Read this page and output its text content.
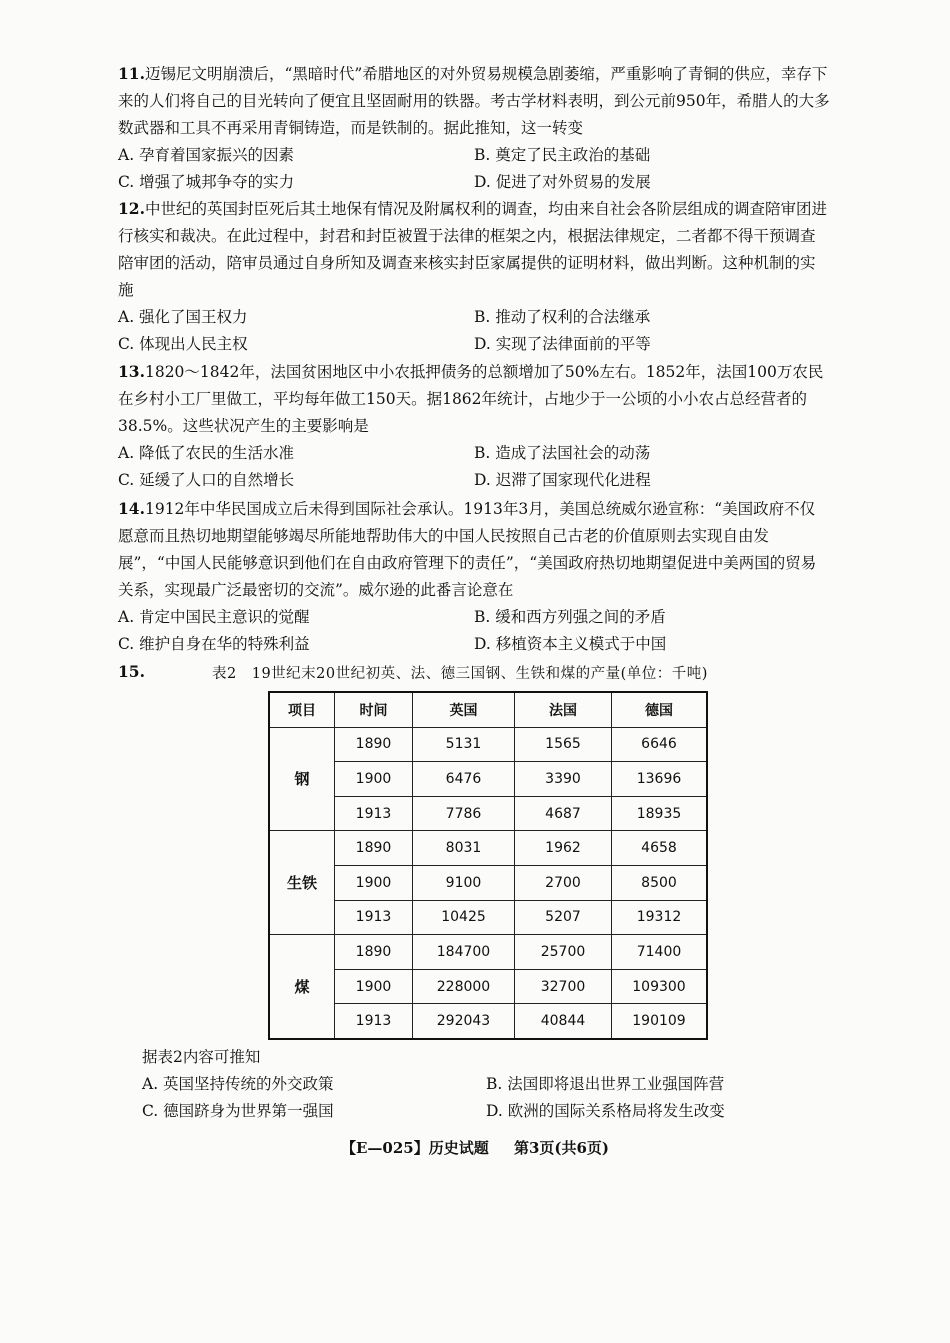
11.迈锡尼文明崩溃后，“黑暗时代”希腊地区的对外贸易规模急剧萎缩，严重影响了青铜的供应，幸存下来的人们将自己的目光转向了便宜且坚固耐用的铁器。考古学材料表明，到公元前950年，希腊人的大多数武器和工具不再采用青铜铸造，而是铁制的。据此推知，这一转变
A. 孕育着国家振兴的因素	B. 奠定了民主政治的基础
C. 增强了城邦争夺的实力	D. 促进了对外贸易的发展
12.中世纪的英国封臣死后其土地保有情况及附属权利的调查，均由来自社会各阶层组成的调查陪审团进行核实和裁决。在此过程中，封君和封臣被置于法律的框架之内，根据法律规定，二者都不得干预调查陪审团的活动，陪审员通过自身所知及调查来核实封臣家属提供的证明材料，做出判断。这种机制的实施
A. 强化了国王权力	B. 推动了权利的合法继承
C. 体现出人民主权	D. 实现了法律面前的平等
13.1820～1842年，法国贫困地区中小农抵押债务的总额增加了50%左右。1852年，法国100万农民在乡村小工厂里做工，平均每年做工150天。据1862年统计，占地少于一公顷的小小农占总经营者的38.5%。这些状况产生的主要影响是
A. 降低了农民的生活水准	B. 造成了法国社会的动荡
C. 延缓了人口的自然增长	D. 迟滞了国家现代化进程
14.1912年中华民国成立后未得到国际社会承认。1913年3月，美国总统威尔逊宣称：“美国政府不仅愿意而且热切地期望能够竭尽所能地帮助伟大的中国人民按照自己古老的价值原则去实现自由发展”，“中国人民能够意识到他们在自由政府管理下的责任”，“美国政府热切地期望促进中美两国的贸易关系，实现最广泛最密切的交流”。威尔逊的此番言论意在
A. 肯定中国民主意识的觉醒	B. 缓和西方列强之间的矛盾
C. 维护自身在华的特殊利益	D. 移植资本主义模式于中国
15.	表2　19世纪末20世纪初英、法、德三国钢、生铁和煤的产量(单位：千吨)
项目	时间	英国	法国	德国
钢	1890	5131	1565	6646
	1900	6476	3390	13696
	1913	7786	4687	18935
生铁	1890	8031	1962	4658
	1900	9100	2700	8500
	1913	10425	5207	19312
煤	1890	184700	25700	71400
	1900	228000	32700	109300
	1913	292043	40844	190109
据表2内容可推知
A. 英国坚持传统的外交政策	B. 法国即将退出世界工业强国阵营
C. 德国跻身为世界第一强国	D. 欧洲的国际关系格局将发生改变
【E—025】历史试题 第3页(共6页)
